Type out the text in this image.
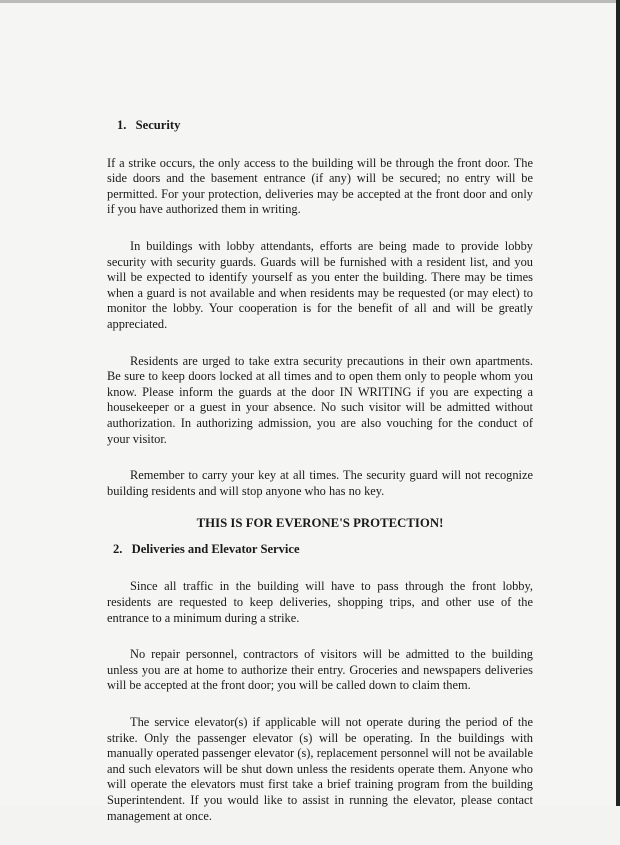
1. Security

If a strike occurs, the only access to the building will be through the front door. The side doors and the basement entrance (if any) will be secured; no entry will be permitted. For your protection, deliveries may be accepted at the front door and only if you have authorized them in writing.

In buildings with lobby attendants, efforts are being made to provide lobby security with security guards. Guards will be furnished with a resident list, and you will be expected to identify yourself as you enter the building. There may be times when a guard is not available and when residents may be requested (or may elect) to monitor the lobby. Your cooperation is for the benefit of all and will be greatly appreciated.

Residents are urged to take extra security precautions in their own apartments. Be sure to keep doors locked at all times and to open them only to people whom you know. Please inform the guards at the door IN WRITING if you are expecting a housekeeper or a guest in your absence. No such visitor will be admitted without authorization. In authorizing admission, you are also vouching for the conduct of your visitor.

Remember to carry your key at all times. The security guard will not recognize building residents and will stop anyone who has no key.

THIS IS FOR EVERONE'S PROTECTION!
2. Deliveries and Elevator Service

Since all traffic in the building will have to pass through the front lobby, residents are requested to keep deliveries, shopping trips, and other use of the entrance to a minimum during a strike.

No repair personnel, contractors of visitors will be admitted to the building unless you are at home to authorize their entry. Groceries and newspapers deliveries will be accepted at the front door; you will be called down to claim them.

The service elevator(s) if applicable will not operate during the period of the strike. Only the passenger elevator (s) will be operating. In the buildings with manually operated passenger elevator (s), replacement personnel will not be available and such elevators will be shut down unless the residents operate them. Anyone who will operate the elevators must first take a brief training program from the building Superintendent. If you would like to assist in running the elevator, please contact management at once.
